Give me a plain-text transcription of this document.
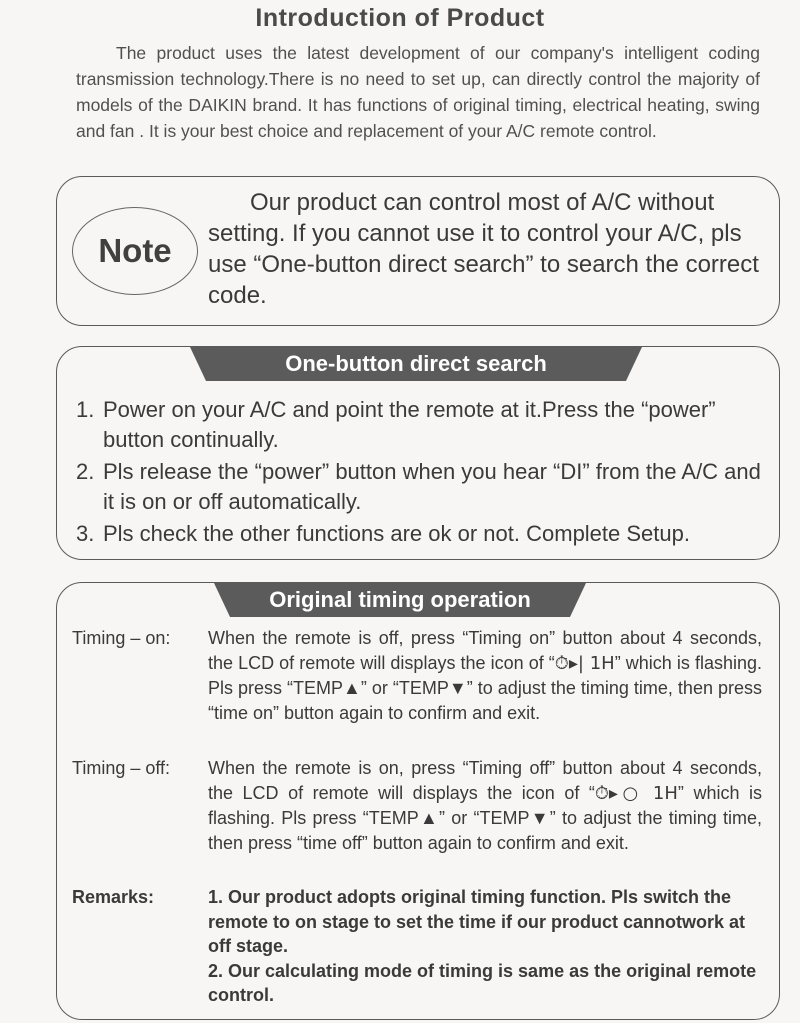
Introduction of Product
The product uses the latest development of our company's intelligent coding transmission technology.There is no need to set up, can directly control the majority of models of the DAIKIN brand. It has functions of original timing, electrical heating, swing and fan . It is your best choice and replacement of your A/C remote control.
Note
Our product can control most of A/C without
setting. If you cannot use it to control your A/C, pls use “One-button direct search” to search the correct code.
One-button direct search
1. Power on your A/C and point the remote at it.Press the “power” button continually.
2. Pls release the “power” button when you hear “DI” from the A/C and it is on or off automatically.
3. Pls check the other functions are ok or not. Complete Setup.
Original timing operation
Timing – on: When the remote is off, press “Timing on” button about 4 seconds, the LCD of remote will displays the icon of “⏱▸| 1H” which is flashing. Pls press “TEMP▲” or “TEMP▼” to adjust the timing time, then press “time on” button again to confirm and exit.
Timing – off: When the remote is on, press “Timing off” button about 4 seconds, the LCD of remote will displays the icon of “⏱▸○ 1H” which is flashing. Pls press “TEMP▲” or “TEMP▼” to adjust the timing time, then press “time off” button again to confirm and exit.
Remarks:	1. Our product adopts original timing function. Pls switch the remote to on stage to set the time if our product cannotwork at off stage.
2. Our calculating mode of timing is same as the original remote control.
